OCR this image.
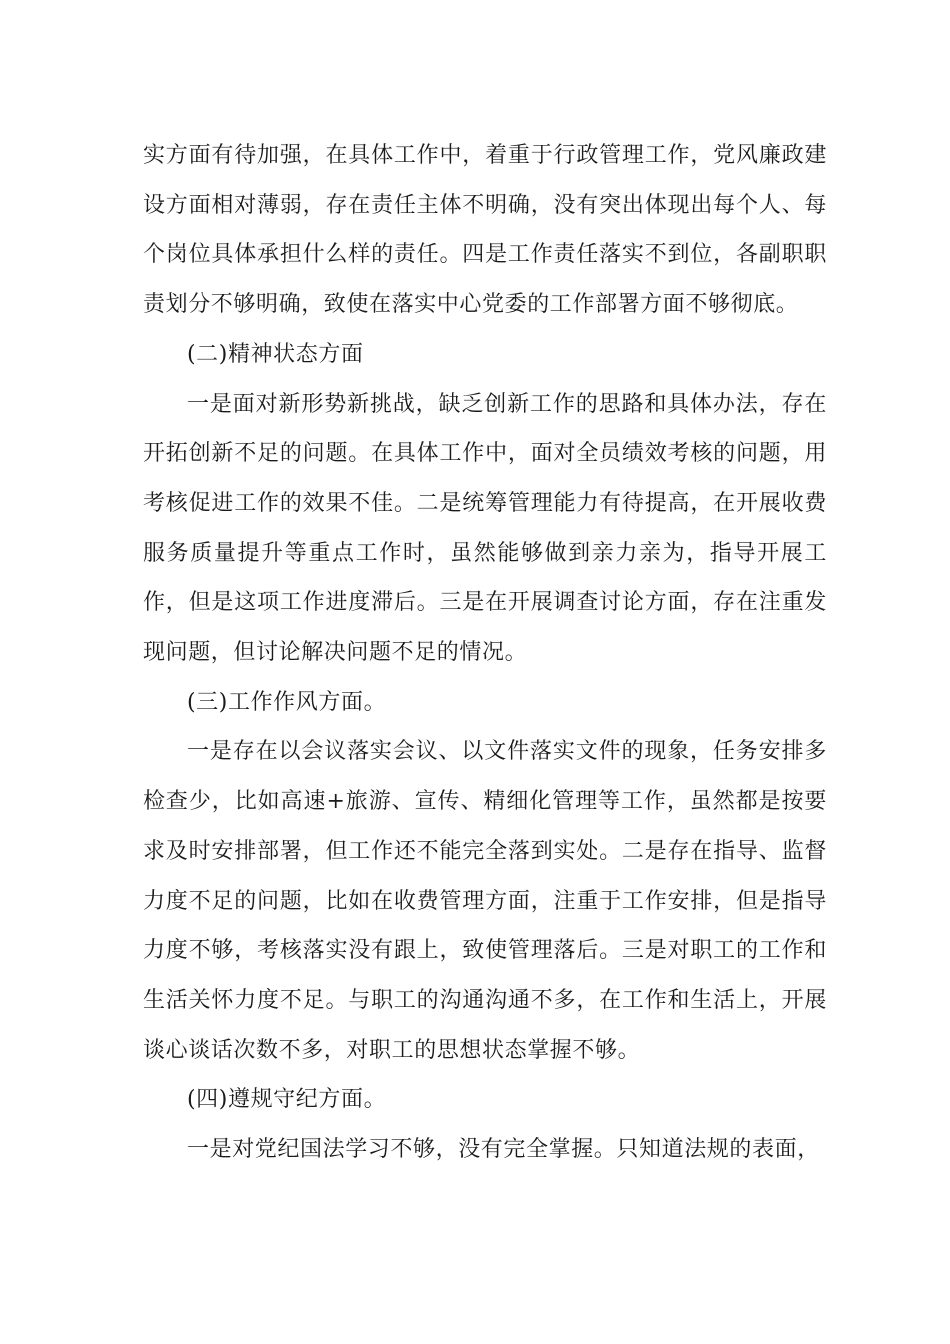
实方面有待加强，在具体工作中，着重于行政管理工作，党风廉政建设方面相对薄弱，存在责任主体不明确，没有突出体现出每个人、每个岗位具体承担什么样的责任。四是工作责任落实不到位，各副职职责划分不够明确，致使在落实中心党委的工作部署方面不够彻底。

(二)精神状态方面

一是面对新形势新挑战，缺乏创新工作的思路和具体办法，存在开拓创新不足的问题。在具体工作中，面对全员绩效考核的问题，用考核促进工作的效果不佳。二是统筹管理能力有待提高，在开展收费服务质量提升等重点工作时，虽然能够做到亲力亲为，指导开展工作，但是这项工作进度滞后。三是在开展调查讨论方面，存在注重发现问题，但讨论解决问题不足的情况。

(三)工作作风方面。

一是存在以会议落实会议、以文件落实文件的现象，任务安排多检查少，比如高速+旅游、宣传、精细化管理等工作，虽然都是按要求及时安排部署，但工作还不能完全落到实处。二是存在指导、监督力度不足的问题，比如在收费管理方面，注重于工作安排，但是指导力度不够，考核落实没有跟上，致使管理落后。三是对职工的工作和生活关怀力度不足。与职工的沟通沟通不多，在工作和生活上，开展谈心谈话次数不多，对职工的思想状态掌握不够。

(四)遵规守纪方面。

一是对党纪国法学习不够，没有完全掌握。只知道法规的表面，
